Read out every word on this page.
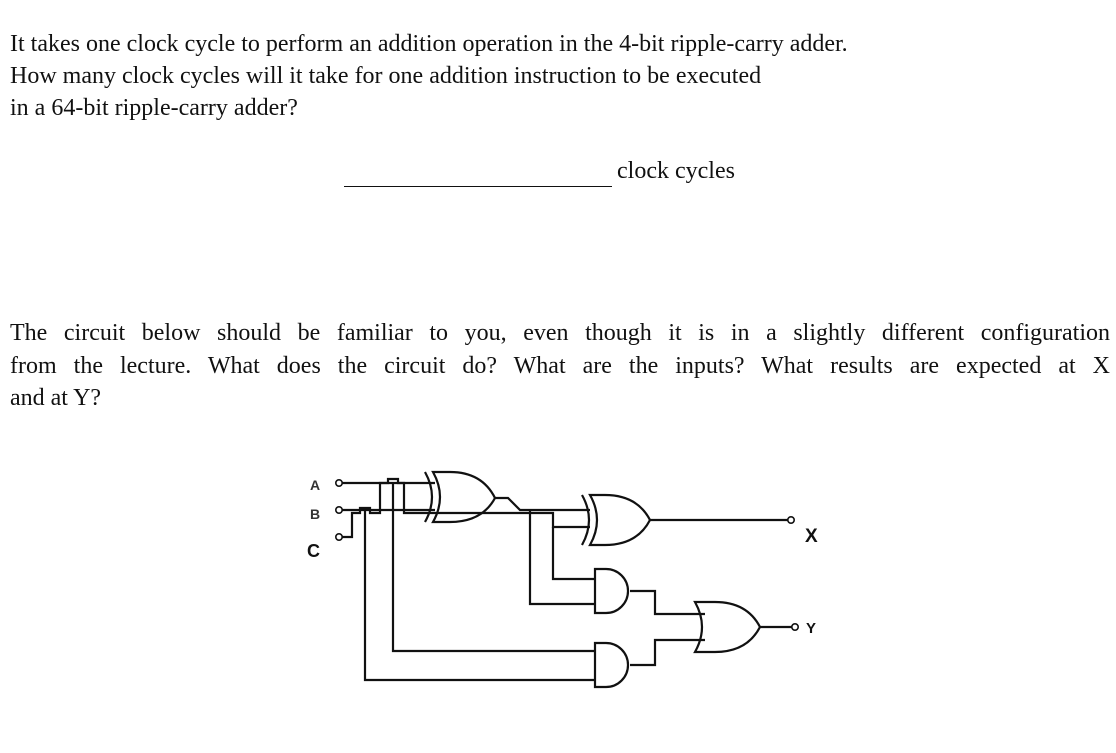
It takes one clock cycle to perform an addition operation in the 4-bit ripple-carry adder.
How many clock cycles will it take for one addition instruction to be executed
in a 64-bit ripple-carry adder?
clock cycles
The circuit below should be familiar to you, even though it is in a slightly different configuration
from the lecture. What does the circuit do? What are the inputs? What results are expected at X
and at Y?
A
B
C
X
Y
